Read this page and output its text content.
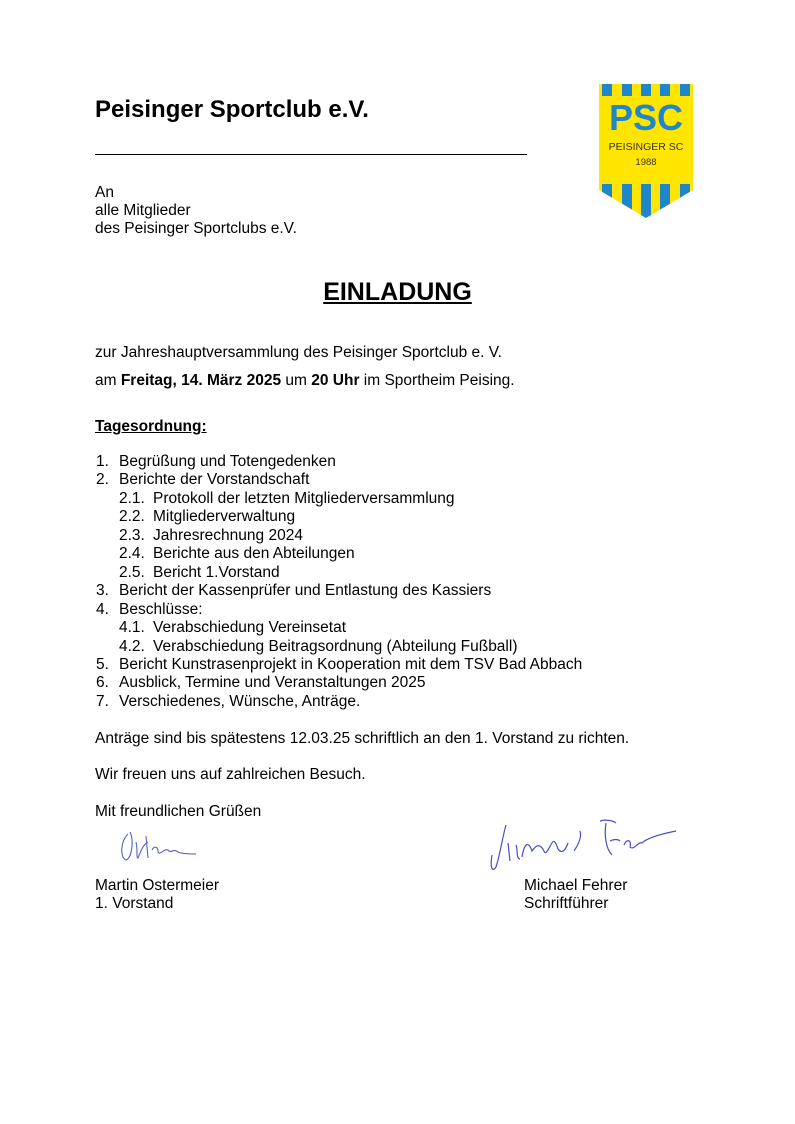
Peisinger Sportclub e.V.	PSC
PEISINGER SC
1988
An
alle Mitglieder
des Peisinger Sportclubs e.V.
EINLADUNG
zur Jahreshauptversammlung des Peisinger Sportclub e. V.
am Freitag, 14. März 2025 um 20 Uhr im Sportheim Peising.
Tagesordnung:
1. Begrüßung und Totengedenken
2. Berichte der Vorstandschaft
2.1. Protokoll der letzten Mitgliederversammlung
2.2. Mitgliederverwaltung
2.3. Jahresrechnung 2024
2.4. Berichte aus den Abteilungen
2.5. Bericht 1.Vorstand
3. Bericht der Kassenprüfer und Entlastung des Kassiers
4. Beschlüsse:
4.1. Verabschiedung Vereinsetat
4.2. Verabschiedung Beitragsordnung (Abteilung Fußball)
5. Bericht Kunstrasenprojekt in Kooperation mit dem TSV Bad Abbach
6. Ausblick, Termine und Veranstaltungen 2025
7. Verschiedenes, Wünsche, Anträge.
Anträge sind bis spätestens 12.03.25 schriftlich an den 1. Vorstand zu richten.
Wir freuen uns auf zahlreichen Besuch.
Mit freundlichen Grüßen
Martin Ostermeier
1. Vorstand
Michael Fehrer
Schriftführer
